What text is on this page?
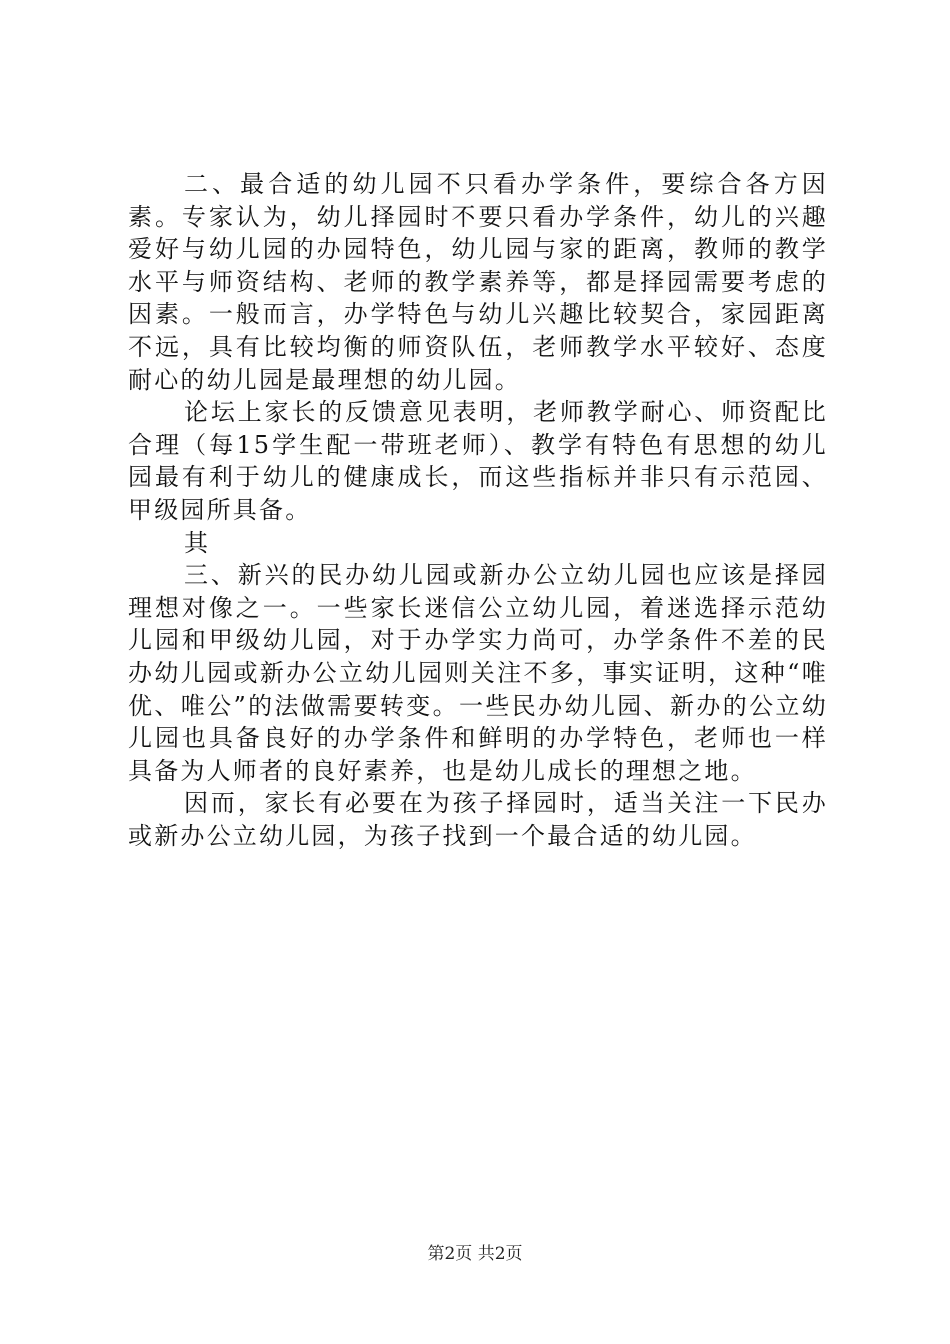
二、最合适的幼儿园不只看办学条件，要综合各方因素。专家认为，幼儿择园时不要只看办学条件，幼儿的兴趣爱好与幼儿园的办园特色，幼儿园与家的距离，教师的教学水平与师资结构、老师的教学素养等，都是择园需要考虑的因素。一般而言，办学特色与幼儿兴趣比较契合，家园距离不远，具有比较均衡的师资队伍，老师教学水平较好、态度耐心的幼儿园是最理想的幼儿园。

论坛上家长的反馈意见表明，老师教学耐心、师资配比合理（每15学生配一带班老师）、教学有特色有思想的幼儿园最有利于幼儿的健康成长，而这些指标并非只有示范园、甲级园所具备。

其

三、新兴的民办幼儿园或新办公立幼儿园也应该是择园理想对像之一。一些家长迷信公立幼儿园，着迷选择示范幼儿园和甲级幼儿园，对于办学实力尚可，办学条件不差的民办幼儿园或新办公立幼儿园则关注不多，事实证明，这种“唯优、唯公”的法做需要转变。一些民办幼儿园、新办的公立幼儿园也具备良好的办学条件和鲜明的办学特色，老师也一样具备为人师者的良好素养，也是幼儿成长的理想之地。

因而，家长有必要在为孩子择园时，适当关注一下民办或新办公立幼儿园，为孩子找到一个最合适的幼儿园。

第2页 共2页
